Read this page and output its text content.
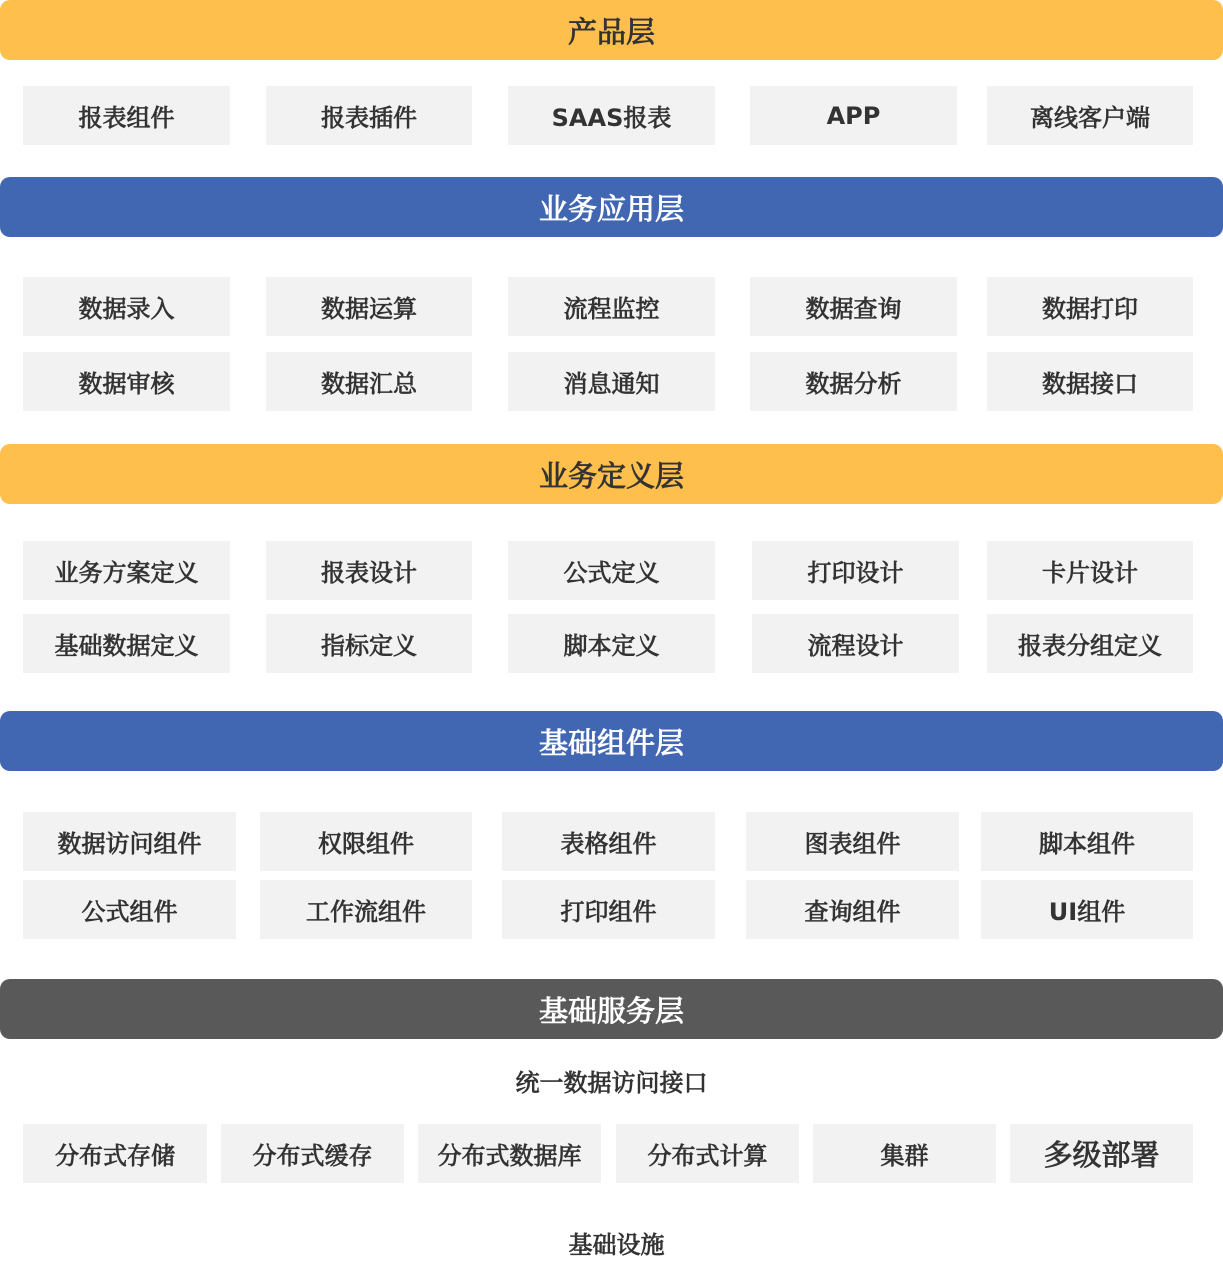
产品层
报表组件	报表插件	SAAS报表	APP	离线客户端
业务应用层
数据录入	数据运算	流程监控	数据查询	数据打印
数据审核	数据汇总	消息通知	数据分析	数据接口
业务定义层
业务方案定义	报表设计	公式定义	打印设计	卡片设计
基础数据定义	指标定义	脚本定义	流程设计	报表分组定义
基础组件层
数据访问组件	权限组件	表格组件	图表组件	脚本组件
公式组件	工作流组件	打印组件	查询组件	UI组件
基础服务层
统一数据访问接口
分布式存储	分布式缓存	分布式数据库	分布式计算	集群	多级部署
基础设施
